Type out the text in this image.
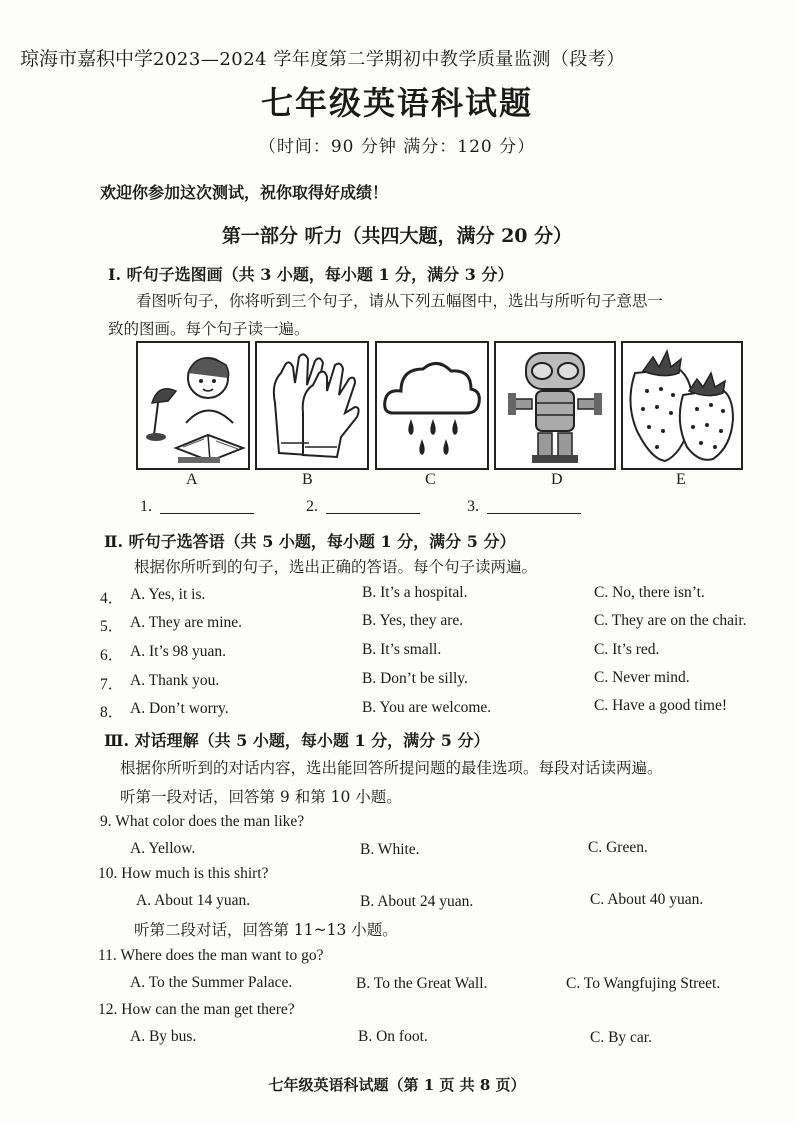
琼海市嘉积中学2023—2024 学年度第二学期初中教学质量监测（段考）
七年级英语科试题
（时间：90 分钟 满分：120 分）
欢迎你参加这次测试，祝你取得好成绩！
第一部分 听力（共四大题，满分 20 分）
Ⅰ. 听句子选图画（共 3 小题，每小题 1 分，满分 3 分）
看图听句子，你将听到三个句子，请从下列五幅图中，选出与所听句子意思一
致的图画。每个句子读一遍。
A	B	C	D	E
1.	2.	3.
Ⅱ. 听句子选答语（共 5 小题，每小题 1 分，满分 5 分）
根据你所听到的句子，选出正确的答语。每个句子读两遍。
4． A. Yes, it is.	B. It’s a hospital.	C. No, there isn’t.
5． A. They are mine.	B. Yes, they are.	C. They are on the chair.
6． A. It’s 98 yuan.	B. It’s small.	C. It’s red.
7． A. Thank you.	B. Don’t be silly.	C. Never mind.
8． A. Don’t worry.	B. You are welcome.	C. Have a good time!
Ⅲ. 对话理解（共 5 小题，每小题 1 分，满分 5 分）
根据你所听到的对话内容，选出能回答所提问题的最佳选项。每段对话读两遍。
听第一段对话，回答第 9 和第 10 小题。
9. What color does the man like?
A. Yellow.	B. White.	C. Green.
10. How much is this shirt?
A. About 14 yuan.	B. About 24 yuan.	C. About 40 yuan.
听第二段对话，回答第 11~13 小题。
11. Where does the man want to go?
A. To the Summer Palace.	B. To the Great Wall.	C. To Wangfujing Street.
12. How can the man get there?
A. By bus.	B. On foot.	C. By car.
七年级英语科试题（第 1 页 共 8 页）
